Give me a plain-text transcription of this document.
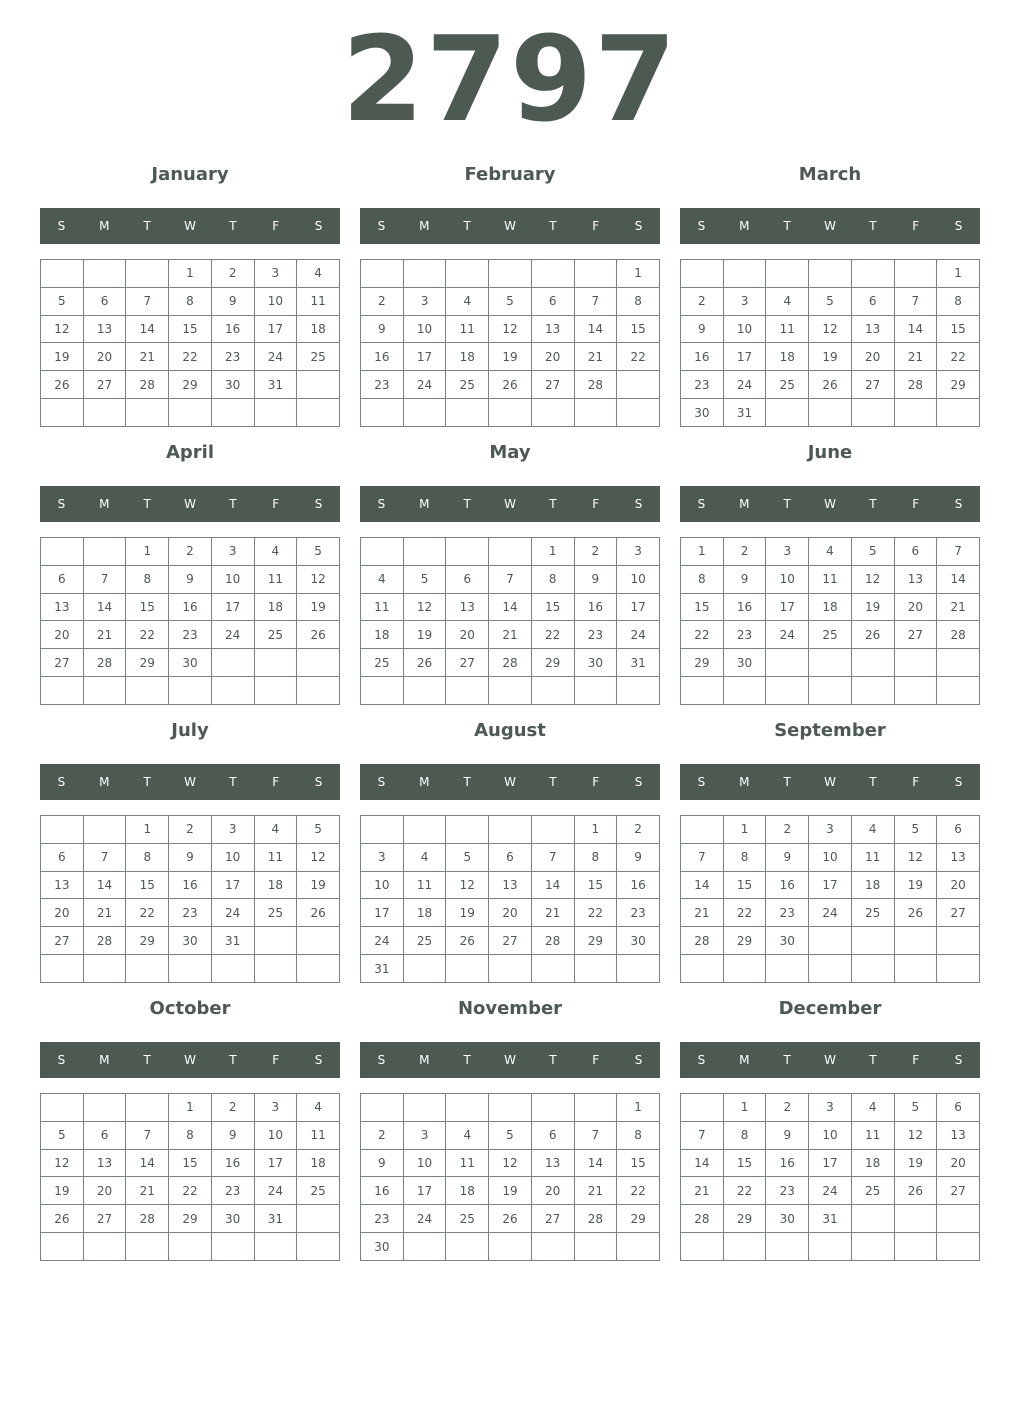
2797
January
S	M	T	W	T	F	S
			1	2	3	4
5	6	7	8	9	10	11
12	13	14	15	16	17	18
19	20	21	22	23	24	25
26	27	28	29	30	31	

February
S	M	T	W	T	F	S
						1
2	3	4	5	6	7	8
9	10	11	12	13	14	15
16	17	18	19	20	21	22
23	24	25	26	27	28	

March
S	M	T	W	T	F	S
						1
2	3	4	5	6	7	8
9	10	11	12	13	14	15
16	17	18	19	20	21	22
23	24	25	26	27	28	29
30	31					
April
S	M	T	W	T	F	S
		1	2	3	4	5
6	7	8	9	10	11	12
13	14	15	16	17	18	19
20	21	22	23	24	25	26
27	28	29	30			

May
S	M	T	W	T	F	S
				1	2	3
4	5	6	7	8	9	10
11	12	13	14	15	16	17
18	19	20	21	22	23	24
25	26	27	28	29	30	31

June
S	M	T	W	T	F	S
1	2	3	4	5	6	7
8	9	10	11	12	13	14
15	16	17	18	19	20	21
22	23	24	25	26	27	28
29	30					

July
S	M	T	W	T	F	S
		1	2	3	4	5
6	7	8	9	10	11	12
13	14	15	16	17	18	19
20	21	22	23	24	25	26
27	28	29	30	31		

August
S	M	T	W	T	F	S
					1	2
3	4	5	6	7	8	9
10	11	12	13	14	15	16
17	18	19	20	21	22	23
24	25	26	27	28	29	30
31						
September
S	M	T	W	T	F	S
	1	2	3	4	5	6
7	8	9	10	11	12	13
14	15	16	17	18	19	20
21	22	23	24	25	26	27
28	29	30				

October
S	M	T	W	T	F	S
			1	2	3	4
5	6	7	8	9	10	11
12	13	14	15	16	17	18
19	20	21	22	23	24	25
26	27	28	29	30	31	

November
S	M	T	W	T	F	S
						1
2	3	4	5	6	7	8
9	10	11	12	13	14	15
16	17	18	19	20	21	22
23	24	25	26	27	28	29
30						
December
S	M	T	W	T	F	S
	1	2	3	4	5	6
7	8	9	10	11	12	13
14	15	16	17	18	19	20
21	22	23	24	25	26	27
28	29	30	31			
